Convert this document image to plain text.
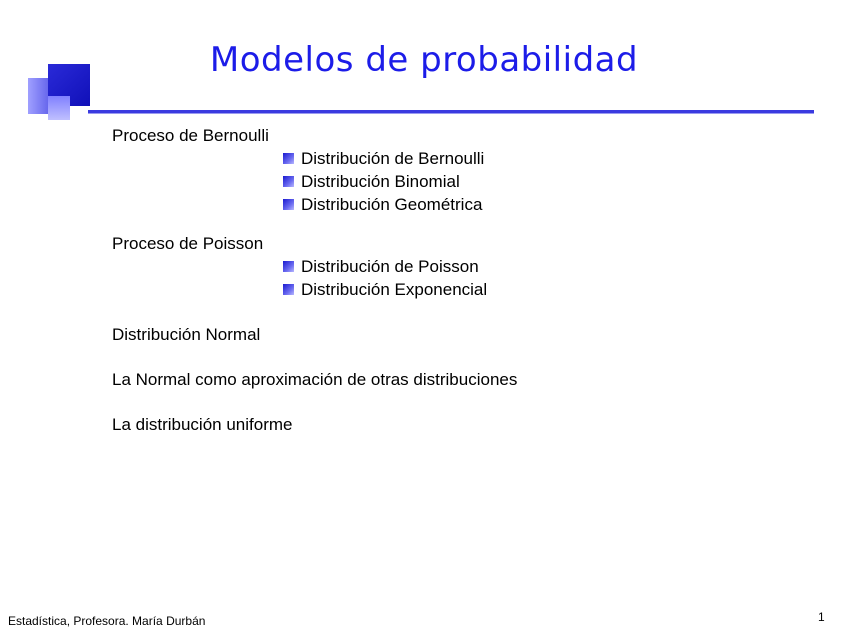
Modelos de probabilidad
Proceso de Bernoulli
Distribución de Bernoulli
Distribución Binomial
Distribución Geométrica
Proceso de Poisson
Distribución de Poisson
Distribución Exponencial
Distribución Normal
La Normal como aproximación de otras distribuciones
La distribución uniforme
Estadística, Profesora. María Durbán	1
